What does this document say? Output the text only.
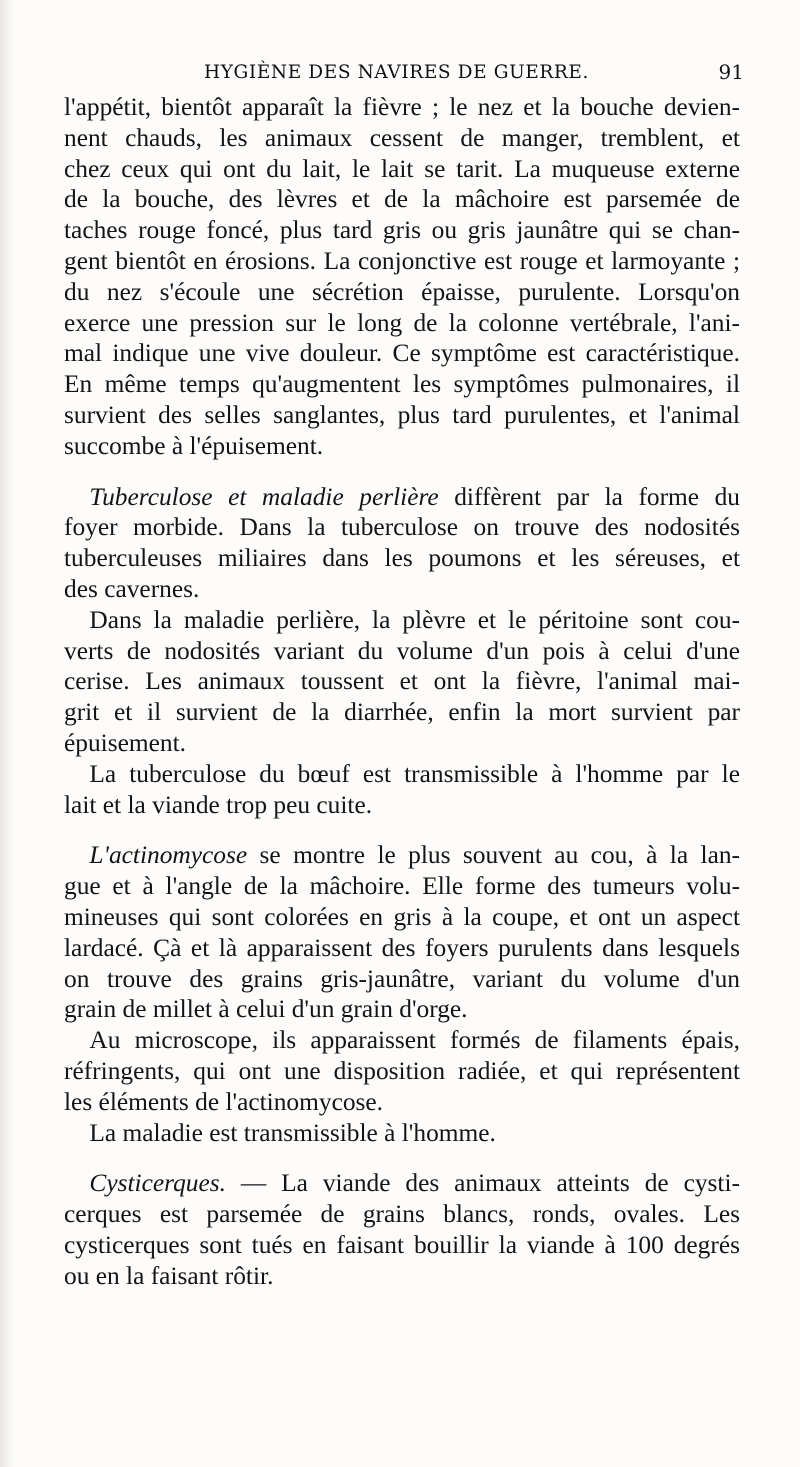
HYGIÈNE DES NAVIRES DE GUERRE.	91
l'appétit, bientôt apparaît la fièvre ; le nez et la bouche devien-
nent chauds, les animaux cessent de manger, tremblent, et
chez ceux qui ont du lait, le lait se tarit. La muqueuse externe
de la bouche, des lèvres et de la mâchoire est parsemée de
taches rouge foncé, plus tard gris ou gris jaunâtre qui se chan-
gent bientôt en érosions. La conjonctive est rouge et larmoyante ;
du nez s'écoule une sécrétion épaisse, purulente. Lorsqu'on
exerce une pression sur le long de la colonne vertébrale, l'ani-
mal indique une vive douleur. Ce symptôme est caractéristique.
En même temps qu'augmentent les symptômes pulmonaires, il
survient des selles sanglantes, plus tard purulentes, et l'animal
succombe à l'épuisement.
 Tuberculose et maladie perlière diffèrent par la forme du
foyer morbide. Dans la tuberculose on trouve des nodosités
tuberculeuses miliaires dans les poumons et les séreuses, et
des cavernes.
 Dans la maladie perlière, la plèvre et le péritoine sont cou-
verts de nodosités variant du volume d'un pois à celui d'une
cerise. Les animaux toussent et ont la fièvre, l'animal mai-
grit et il survient de la diarrhée, enfin la mort survient par
épuisement.
 La tuberculose du bœuf est transmissible à l'homme par le
lait et la viande trop peu cuite.
 L'actinomycose se montre le plus souvent au cou, à la lan-
gue et à l'angle de la mâchoire. Elle forme des tumeurs volu-
mineuses qui sont colorées en gris à la coupe, et ont un aspect
lardacé. Çà et là apparaissent des foyers purulents dans lesquels
on trouve des grains gris-jaunâtre, variant du volume d'un
grain de millet à celui d'un grain d'orge.
 Au microscope, ils apparaissent formés de filaments épais,
réfringents, qui ont une disposition radiée, et qui représentent
les éléments de l'actinomycose.
 La maladie est transmissible à l'homme.
 Cysticerques. — La viande des animaux atteints de cysti-
cerques est parsemée de grains blancs, ronds, ovales. Les
cysticerques sont tués en faisant bouillir la viande à 100 degrés
ou en la faisant rôtir.
